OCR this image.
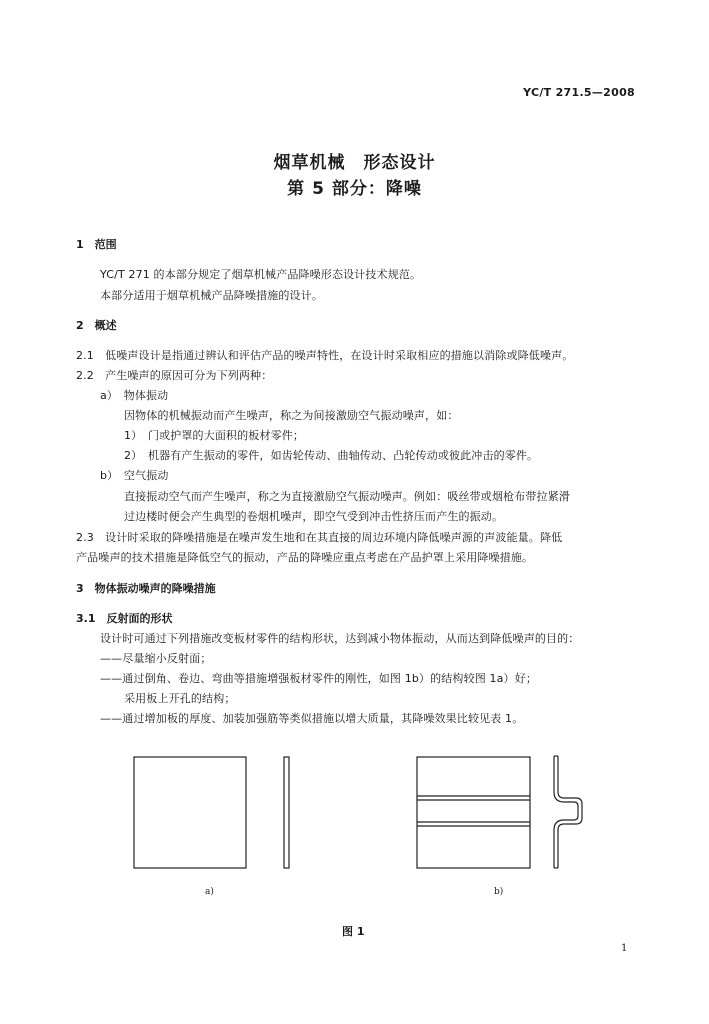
YC/T 271.5—2008
烟草机械　形态设计
第 5 部分：降噪
1　范围
YC/T 271 的本部分规定了烟草机械产品降噪形态设计技术规范。
本部分适用于烟草机械产品降噪措施的设计。
2　概述
2.1　低噪声设计是指通过辨认和评估产品的噪声特性，在设计时采取相应的措施以消除或降低噪声。
2.2　产生噪声的原因可分为下列两种：
a）　物体振动
因物体的机械振动而产生噪声，称之为间接激励空气振动噪声，如：
1）　门或护罩的大面积的板材零件；
2）　机器有产生振动的零件，如齿轮传动、曲轴传动、凸轮传动或彼此冲击的零件。
b）　空气振动
直接振动空气而产生噪声，称之为直接激励空气振动噪声。例如：吸丝带或烟枪布带拉紧滑
过边楼时便会产生典型的卷烟机噪声，即空气受到冲击性挤压而产生的振动。
2.3　设计时采取的降噪措施是在噪声发生地和在其直接的周边环境内降低噪声源的声波能量。降低
产品噪声的技术措施是降低空气的振动，产品的降噪应重点考虑在产品护罩上采用降噪措施。
3　物体振动噪声的降噪措施
3.1　反射面的形状
设计时可通过下列措施改变板材零件的结构形状，达到减小物体振动，从而达到降低噪声的目的：
——尽量缩小反射面；
——通过倒角、卷边、弯曲等措施增强板材零件的刚性，如图 1b）的结构较图 1a）好；
采用板上开孔的结构；
——通过增加板的厚度、加装加强筋等类似措施以增大质量，其降噪效果比较见表 1。
a)	b)
图 1
1
